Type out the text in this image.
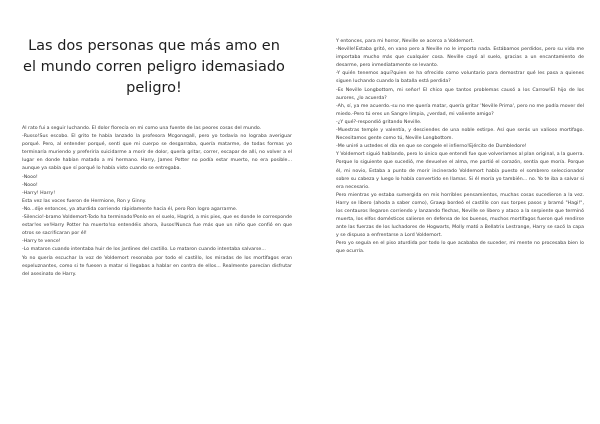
Las dos personas que más amo en el mundo corren peligro idemasiado peligro!

Al rato fui a seguir luchando. El dolor florecía en mi como una fuente de las peores cosas del mundo.

-Russo!Sus escobo. El grito te había lanzado la profesora Mcgonagall, pero yo todavía no lograba averiguar porqué. Pero, al entender porqué, sentí que mi cuerpo se desgarraba, quería matarme, de todas formas yo terminaría muriendo y preferiría suicidarme a morir de dolor, quería gritar, correr, escapar de allí, no volver a el lugar en donde habían matado a mi hermano. Harry, James Potter no podía estar muerto, no era posible... aunque ya sabía que sí porqué lo había visto cuando se entregaba.

-Nooo!

-Nooo!

-Harry! Harry!

Esta vez las voces fueron de Hermione, Ron y Ginny.

-No...dije entonces, ya aturdida corriendo rápidamente hacia él, pero Ron logro agarrarme.

-Silencio!-bramo Voldemort-Todo ha terminado!Ponlo en el suelo, Hagrid, a mis pies, que es donde le corresponde estar!es ve!Harry Potter ha muerto!so entendéis ahora, ilusos!Nunca fue más que un niño que confió en que otros se sacrificaran por él!

-Harry te vence!

-Lo mataron cuando intentaba huir de los jardines del castillo. Lo mataron cuando intentaba salvarse...

Yo no quería escuchar la voz de Voldemort resonaba por todo el castillo, los miradas de los mortífagos eran espeluznantes, como si te fuesen a matar si llegabas a hablar en contra de ellos... Realmente parecían disfrutar del asesinato de Harry.

Y entonces, para mi horror, Neville se acerco a Voldemort.

-Neville!Estaba gritó, en vano pero a Neville no le importo nada. Estábamos perdidos, pero su vida me importaba mucho más que cualquier cosa. Neville cayó al suelo, gracias a un encantamiento de desarme, pero inmediatamente se levanto.

-Y quién tenemos aquí?quien se ha ofrecido como voluntario para demostrar qué les pasa a quienes siguen luchando cuando la batalla está perdida?

-Es Neville Longbottom, mi señor! El chico que tantos problemas causó a los Carrow!El hijo de los aurores, ¿lo acuerda?

-Ah, sí, ya me acuerdo.-su no me quería matar, quería gritar 'Neville Prima', pero no me podía mover del miedo.-Pero tú eres un Sangre limpia, ¿verdad, mi valiente amigo?

-¿Y qué?-respondió gritando Neville.

-Muestras temple y valentía, y desciendes de una noble estirpe. Así que serás un valioso mortífago. Necesitamos gente como tú, Neville Longbottom.

-Me uniré a ustedes el día en que se congele el infierno!Ejército de Dumbledore!

Y Voldemort siguió hablando, pero lo único que entendí fue que volveríamos al plan original, a la guerra. Porque lo siguiente que sucedió, me devuelve el alma, me partió el corazón, sentía que moría. Porque él, mi novio, Estaba a punto de morir incinerado Voldemort había puesto el sombrero seleccionador sobre su cabeza y luego lo había convertido en llamas. Si él moría yo también... no. Yo te iba a salvar si era necesario.

Pero mientras yo estaba sumergida en mis horribles pensamientos, muchas cosas sucedieron a la vez. Harry se libero (ahoda a saber como), Grawp bordeó el castillo con sus torpes pasos y bramó "Hagi!", los centauros llegaron corriendo y lanzando flechas, Neville se libero y ataco a la serpiente que terminó muerta, los elfos domésticos salieron en defensa de los buenos, muchos mortífagos fueron qué rendirse ante las fuerzas de los luchadores de Hogwarts, Molly mató a Bellatrix Lestrange, Harry se sacó la capa y se dispuso a enfrentarse a Lord Voldemort.

Pero yo seguía en el piso aturdida por todo lo que acababa de suceder, mi mente no procesaba bien lo que ocurría.
